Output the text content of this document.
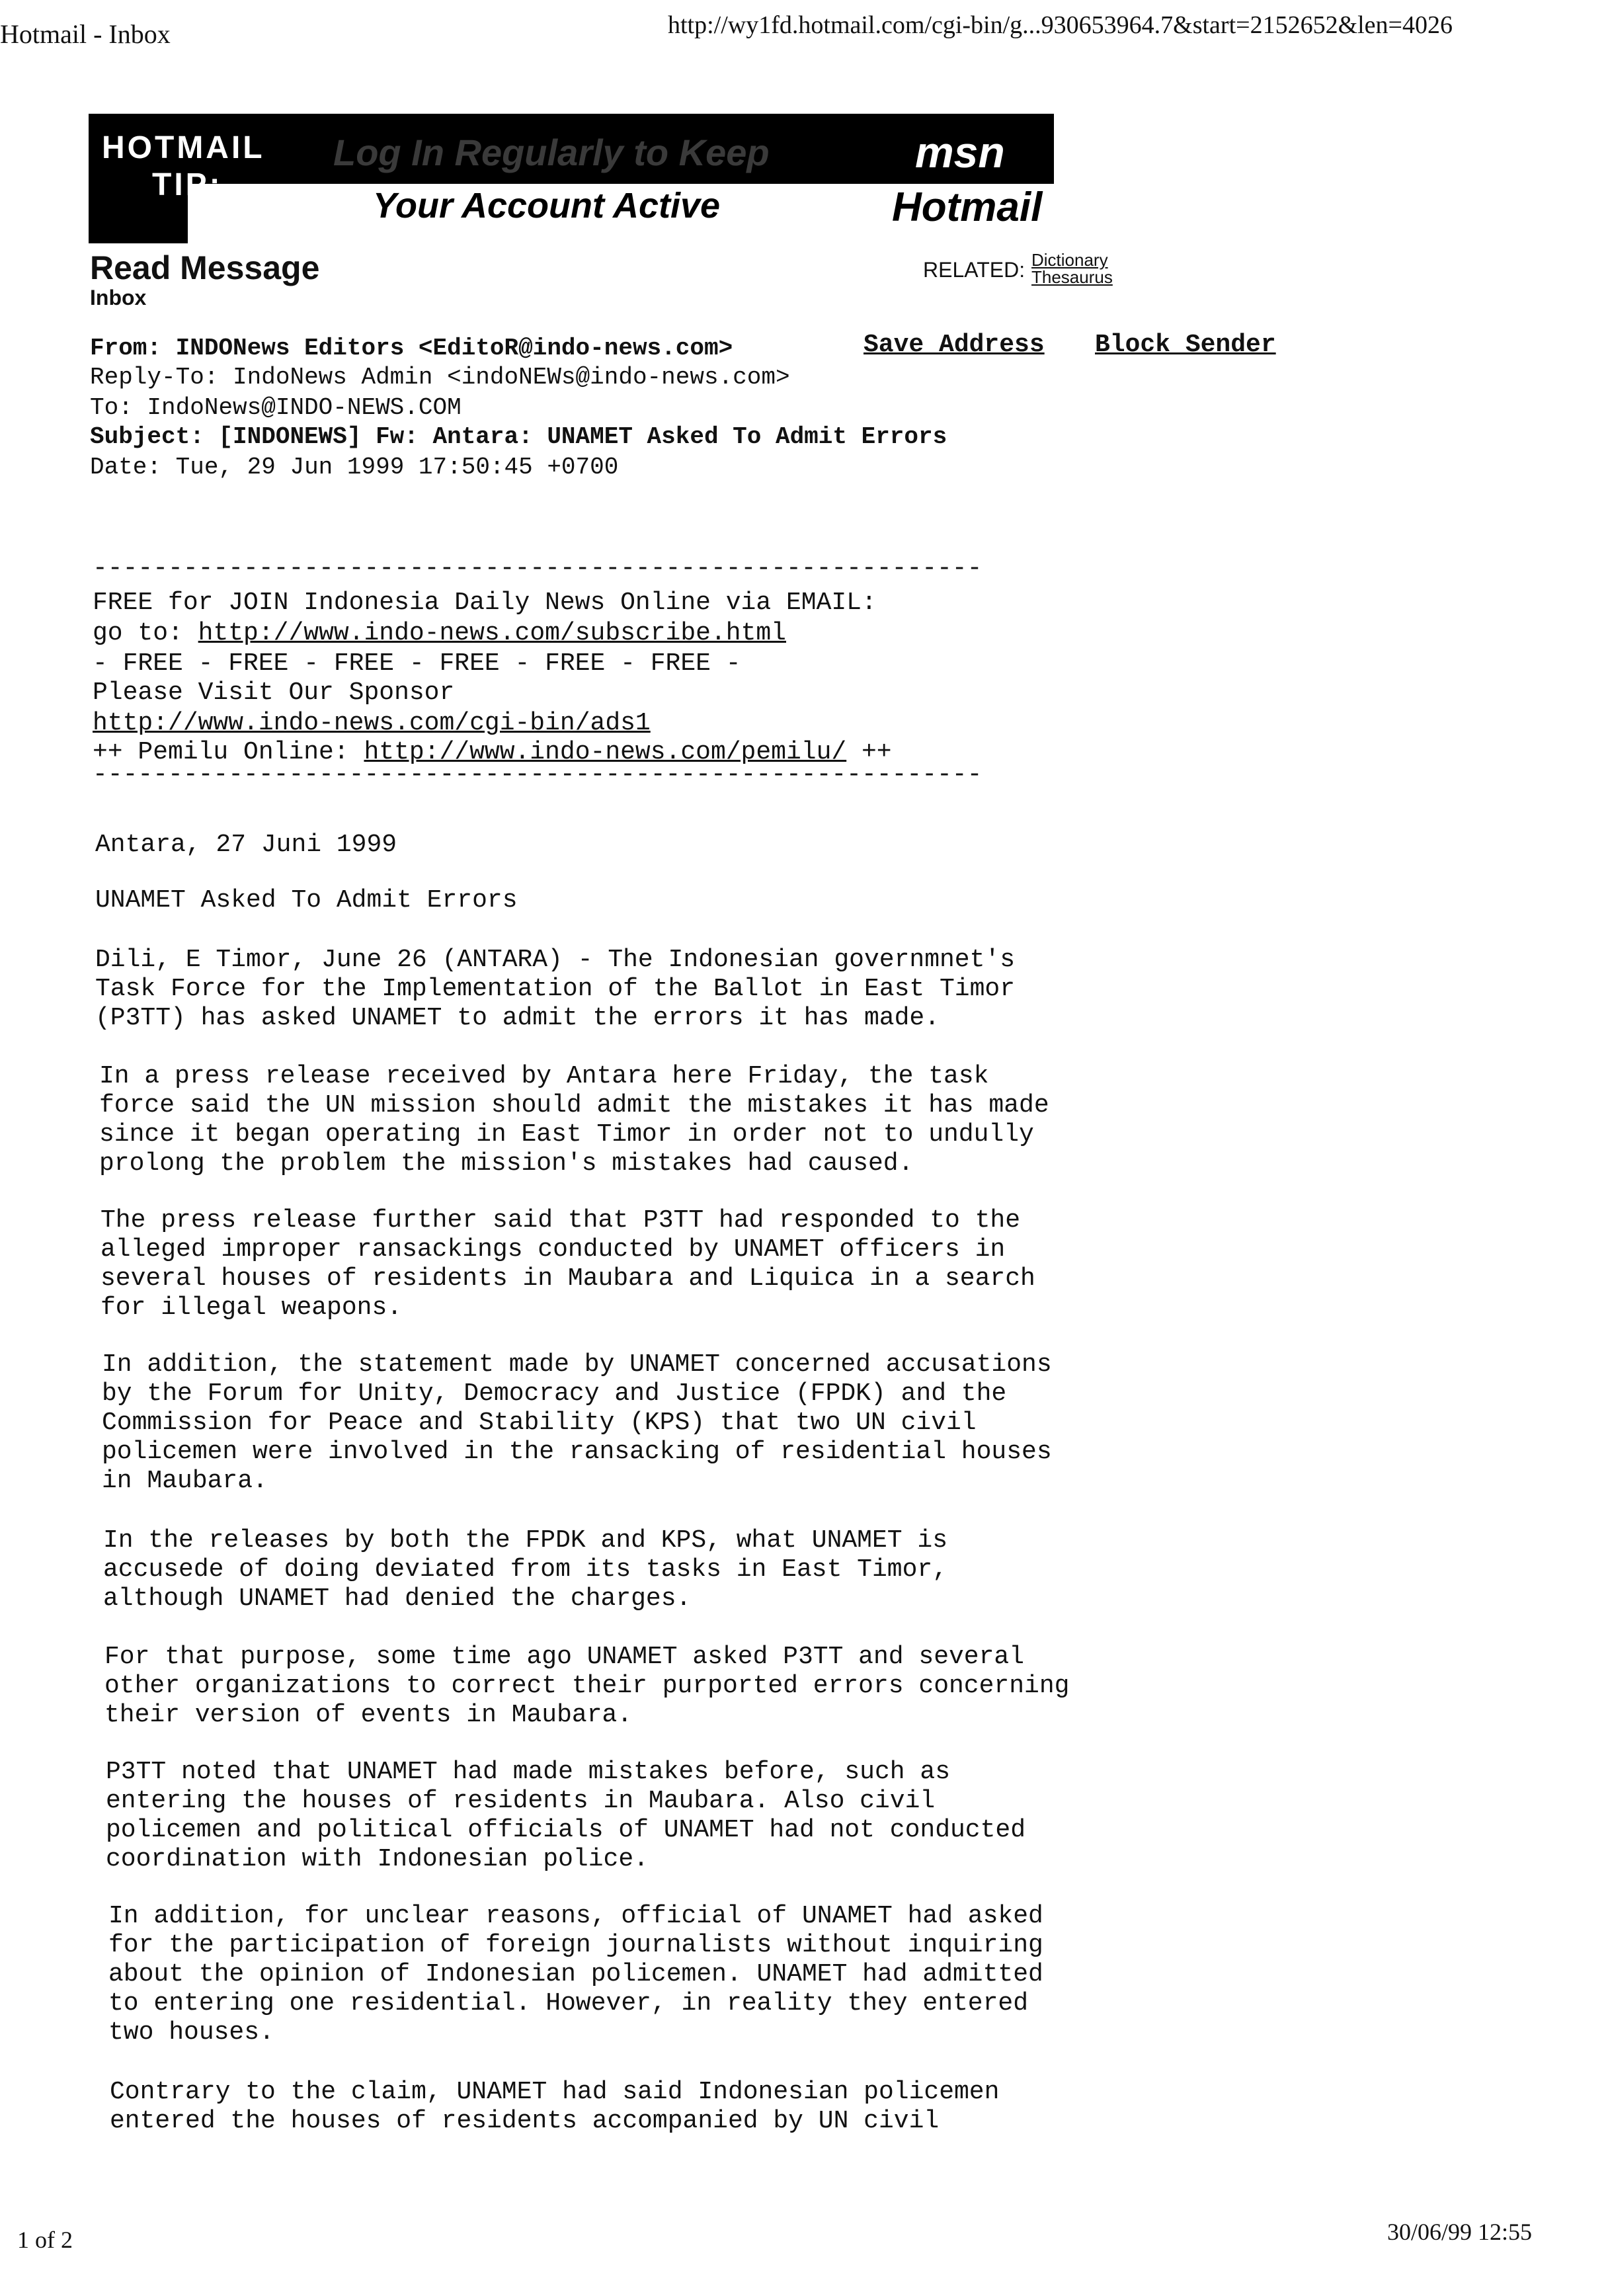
Hotmail - Inbox	http://wy1fd.hotmail.com/cgi-bin/g...930653964.7&start=2152652&len=4026
HOTMAIL
TIP:
Log In Regularly to Keep
Your Account Active
msn
Hotmail
Read Message
Inbox
RELATED: Dictionary
Thesaurus
From: INDONews Editors <EditoR@indo-news.com>	Save Address Block Sender
Reply-To: IndoNews Admin <indoNEWs@indo-news.com>
To: IndoNews@INDO-NEWS.COM
Subject: [INDONEWS] Fw: Antara: UNAMET Asked To Admit Errors
Date: Tue, 29 Jun 1999 17:50:45 +0700
-----------------------------------------------------------
FREE for JOIN Indonesia Daily News Online via EMAIL:
go to: http://www.indo-news.com/subscribe.html
- FREE - FREE - FREE - FREE - FREE - FREE -
Please Visit Our Sponsor
http://www.indo-news.com/cgi-bin/ads1
++ Pemilu Online: http://www.indo-news.com/pemilu/ ++
-----------------------------------------------------------
Antara, 27 Juni 1999
UNAMET Asked To Admit Errors
Dili, E Timor, June 26 (ANTARA) - The Indonesian governmnet's
Task Force for the Implementation of the Ballot in East Timor
(P3TT) has asked UNAMET to admit the errors it has made.
In a press release received by Antara here Friday, the task
force said the UN mission should admit the mistakes it has made
since it began operating in East Timor in order not to undully
prolong the problem the mission's mistakes had caused.
The press release further said that P3TT had responded to the
alleged improper ransackings conducted by UNAMET officers in
several houses of residents in Maubara and Liquica in a search
for illegal weapons.
In addition, the statement made by UNAMET concerned accusations
by the Forum for Unity, Democracy and Justice (FPDK) and the
Commission for Peace and Stability (KPS) that two UN civil
policemen were involved in the ransacking of residential houses
in Maubara.
In the releases by both the FPDK and KPS, what UNAMET is
accusede of doing deviated from its tasks in East Timor,
although UNAMET had denied the charges.
For that purpose, some time ago UNAMET asked P3TT and several
other organizations to correct their purported errors concerning
their version of events in Maubara.
P3TT noted that UNAMET had made mistakes before, such as
entering the houses of residents in Maubara. Also civil
policemen and political officials of UNAMET had not conducted
coordination with Indonesian police.
In addition, for unclear reasons, official of UNAMET had asked
for the participation of foreign journalists without inquiring
about the opinion of Indonesian policemen. UNAMET had admitted
to entering one residential. However, in reality they entered
two houses.
Contrary to the claim, UNAMET had said Indonesian policemen
entered the houses of residents accompanied by UN civil
1 of 2	30/06/99 12:55
